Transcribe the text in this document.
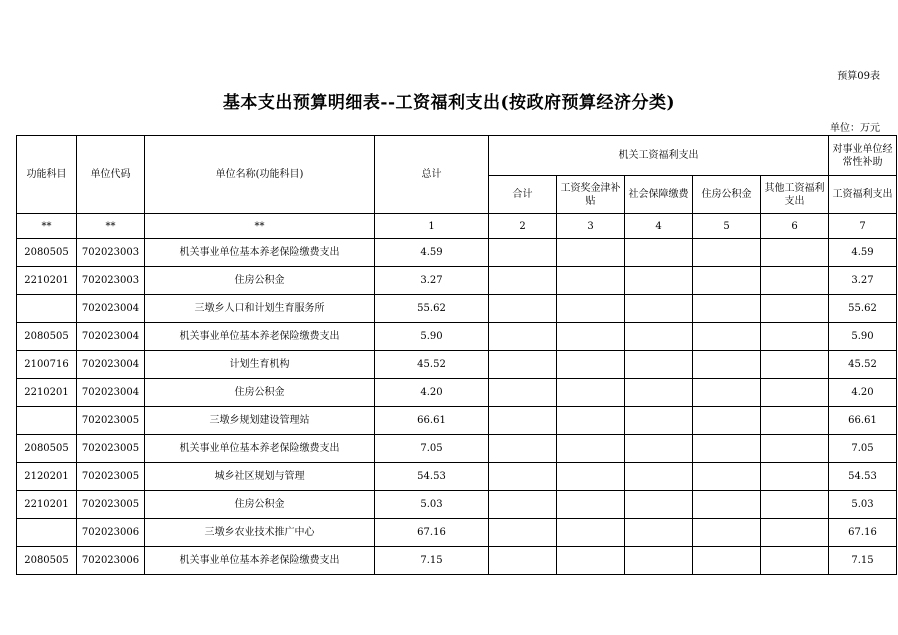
预算09表
基本支出预算明细表--工资福利支出(按政府预算经济分类)
单位：万元
功能科目	单位代码	单位名称(功能科目)	总计	机关工资福利支出					对事业单位经常性补助
				合计	工资奖金津补贴	社会保障缴费	住房公积金	其他工资福利支出	工资福利支出
**	**	**	1	2	3	4	5	6	7
2080505	702023003	机关事业单位基本养老保险缴费支出	4.59						4.59
2210201	702023003	住房公积金	3.27						3.27
	702023004	三墩乡人口和计划生育服务所	55.62						55.62
2080505	702023004	机关事业单位基本养老保险缴费支出	5.90						5.90
2100716	702023004	计划生育机构	45.52						45.52
2210201	702023004	住房公积金	4.20						4.20
	702023005	三墩乡规划建设管理站	66.61						66.61
2080505	702023005	机关事业单位基本养老保险缴费支出	7.05						7.05
2120201	702023005	城乡社区规划与管理	54.53						54.53
2210201	702023005	住房公积金	5.03						5.03
	702023006	三墩乡农业技术推广中心	67.16						67.16
2080505	702023006	机关事业单位基本养老保险缴费支出	7.15						7.15
